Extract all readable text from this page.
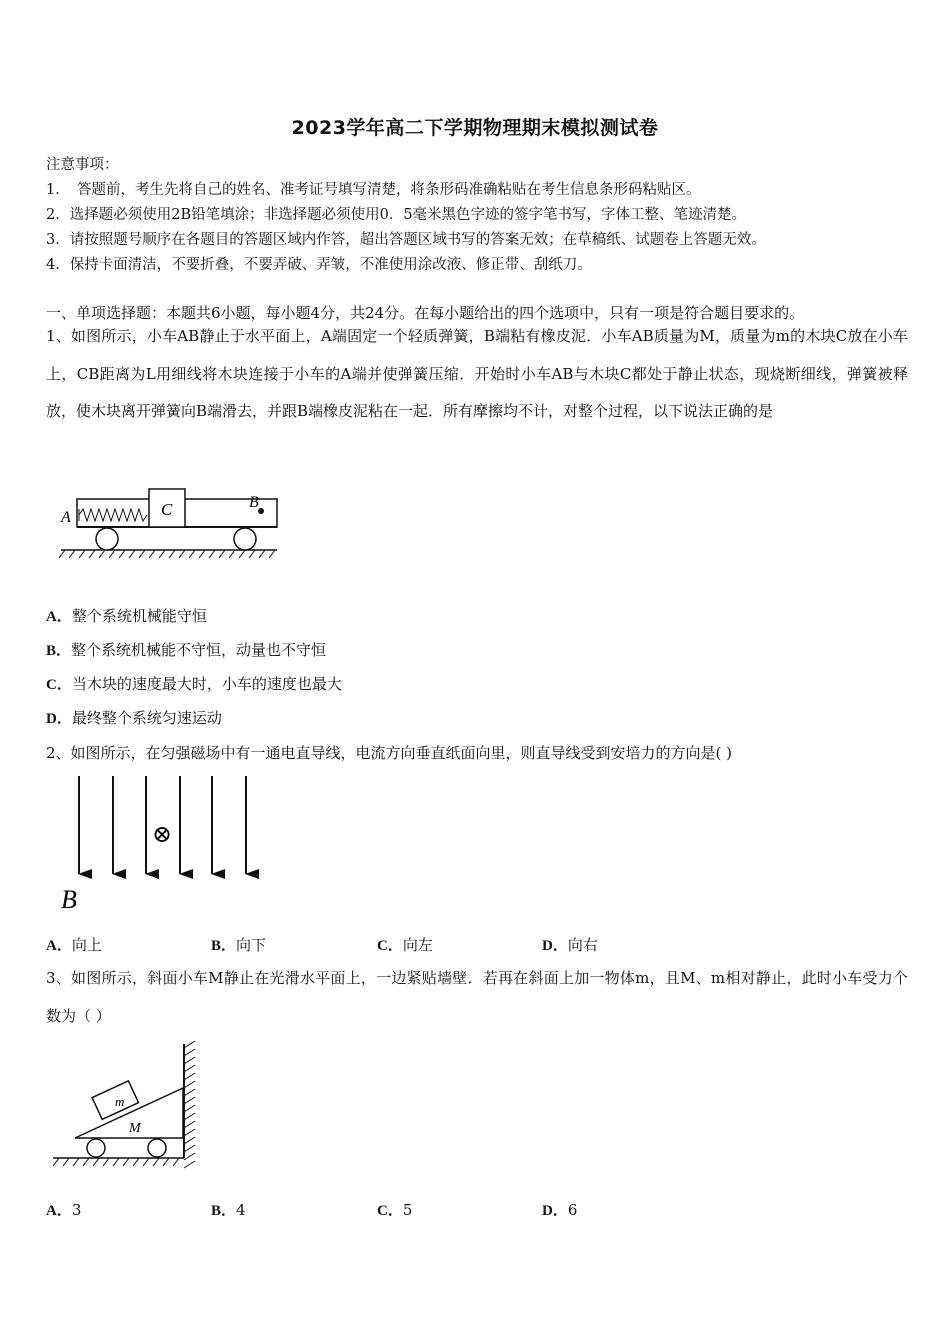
2023学年高二下学期物理期末模拟测试卷
注意事项：
1．　答题前，考生先将自己的姓名、准考证号填写清楚，将条形码准确粘贴在考生信息条形码粘贴区。
2．选择题必须使用2B铅笔填涂；非选择题必须使用0．5毫米黑色字迹的签字笔书写，字体工整、笔迹清楚。
3．请按照题号顺序在各题目的答题区域内作答，超出答题区域书写的答案无效；在草稿纸、试题卷上答题无效。
4．保持卡面清洁，不要折叠，不要弄破、弄皱，不准使用涂改液、修正带、刮纸刀。
一、单项选择题：本题共6小题，每小题4分，共24分。在每小题给出的四个选项中，只有一项是符合题目要求的。
1、如图所示，小车AB静止于水平面上，A端固定一个轻质弹簧，B端粘有橡皮泥．小车AB质量为M，质量为m的木块C放在小车上，CB距离为L用细线将木块连接于小车的A端并使弹簧压缩．开始时小车AB与木块C都处于静止状态，现烧断细线，弹簧被释放，使木块离开弹簧向B端滑去，并跟B端橡皮泥粘在一起．所有摩擦均不计，对整个过程，以下说法正确的是
C
A
B
A．整个系统机械能守恒
B．整个系统机械能不守恒，动量也不守恒
C．当木块的速度最大时，小车的速度也最大
D．最终整个系统匀速运动
2、如图所示，在匀强磁场中有一通电直导线，电流方向垂直纸面向里，则直导线受到安培力的方向是( )
⊗
B
A．向上	B．向下	C．向左	D．向右
3、如图所示，斜面小车M静止在光滑水平面上，一边紧贴墙壁．若再在斜面上加一物体m，且M、m相对静止，此时小车受力个数为（ ）
m
M
A．3	B．4	C．5	D．6
